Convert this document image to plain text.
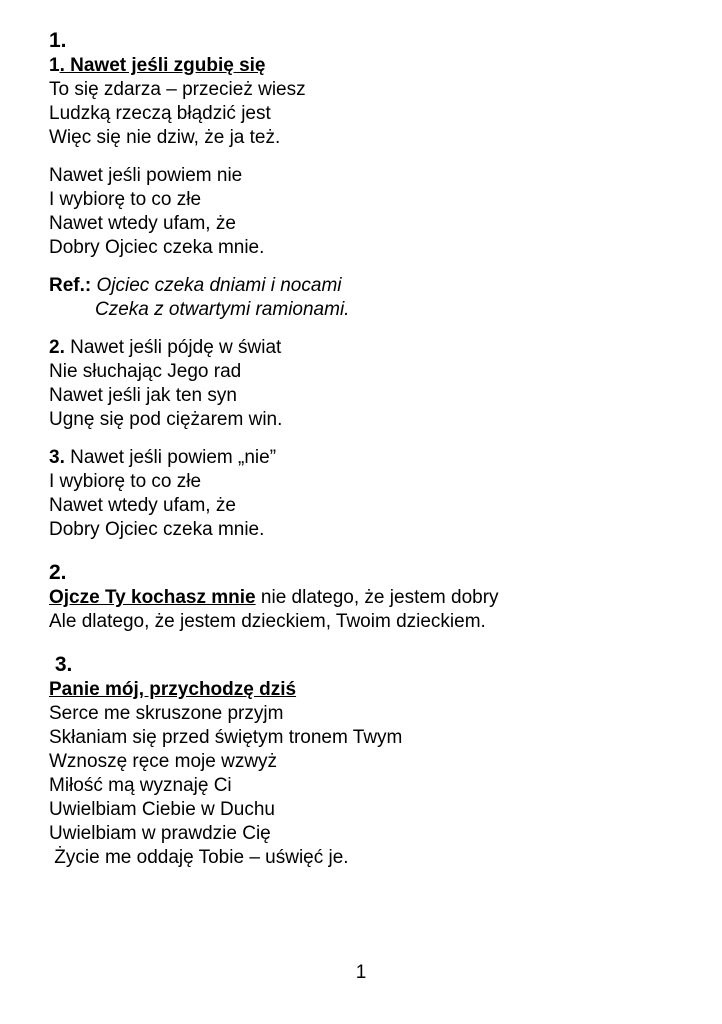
1.
1. Nawet jeśli zgubię się
To się zdarza – przecież wiesz
Ludzką rzeczą błądzić jest
Więc się nie dziw, że ja też.
Nawet jeśli powiem nie
I wybiorę to co złe
Nawet wtedy ufam, że
Dobry Ojciec czeka mnie.
Ref.: Ojciec czeka dniami i nocami
Czeka z otwartymi ramionami.
2. Nawet jeśli pójdę w świat
Nie słuchając Jego rad
Nawet jeśli jak ten syn
Ugnę się pod ciężarem win.
3. Nawet jeśli powiem „nie”
I wybiorę to co złe
Nawet wtedy ufam, że
Dobry Ojciec czeka mnie.
2.
Ojcze Ty kochasz mnie nie dlatego, że jestem dobry
Ale dlatego, że jestem dzieckiem, Twoim dzieckiem.
3.
Panie mój, przychodzę dziś
Serce me skruszone przyjm
Skłaniam się przed świętym tronem Twym
Wznoszę ręce moje wzwyż
Miłość mą wyznaję Ci
Uwielbiam Ciebie w Duchu
Uwielbiam w prawdzie Cię
Życie me oddaję Tobie – uświęć je.
1
